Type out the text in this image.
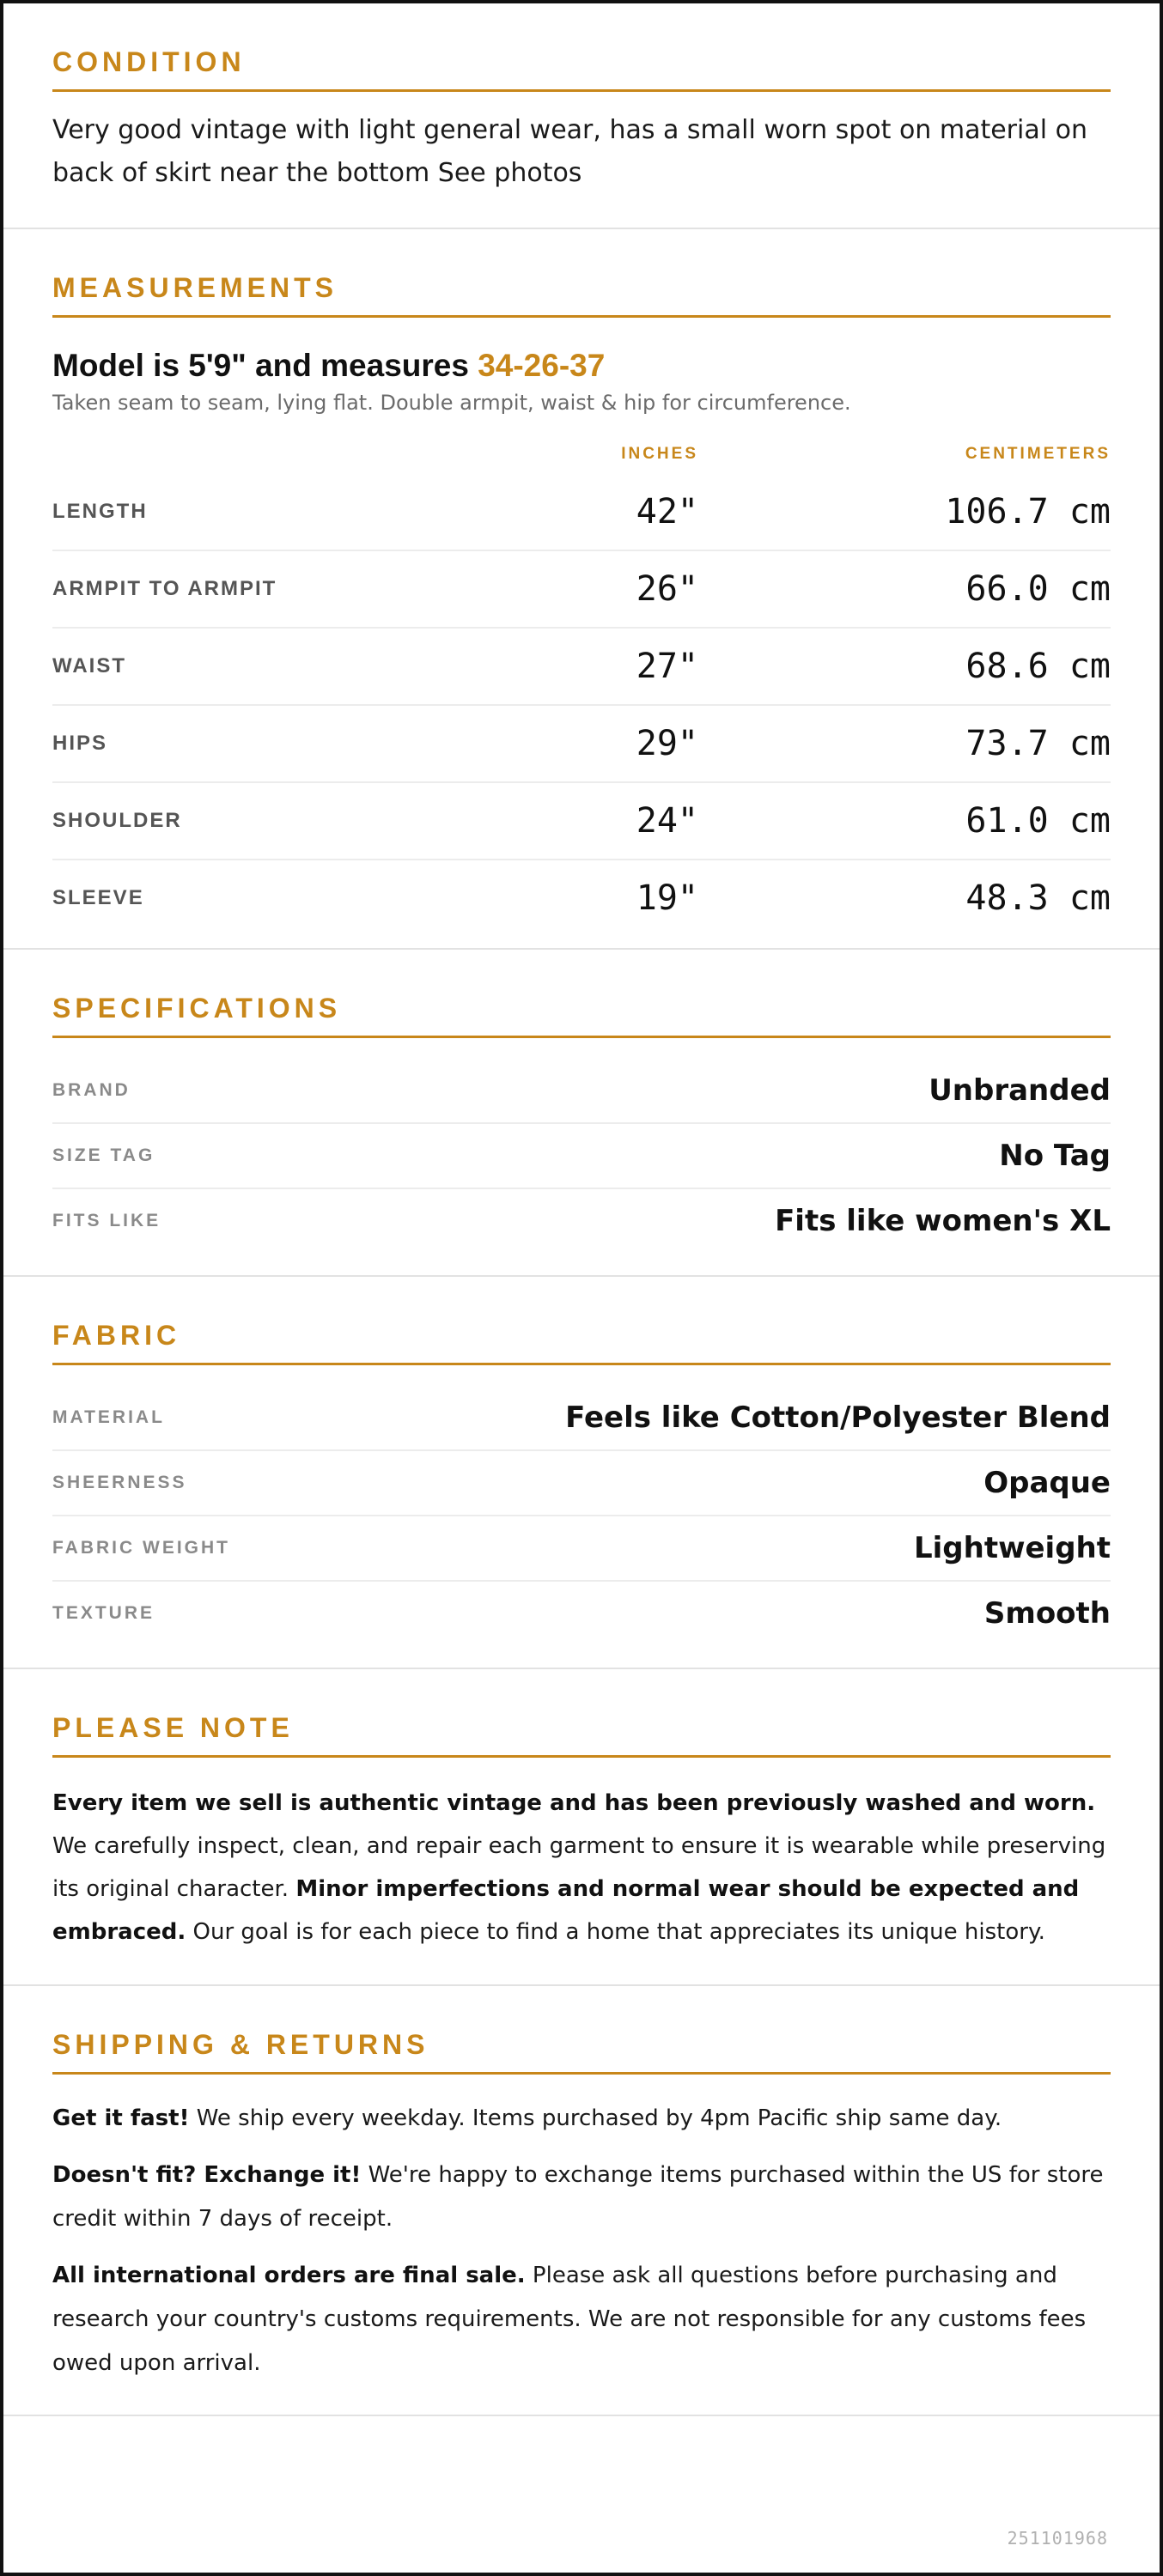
CONDITION
Very good vintage with light general wear, has a small worn spot on material on back of skirt near the bottom See photos
MEASUREMENTS
Model is 5'9" and measures 34-26-37
Taken seam to seam, lying flat. Double armpit, waist & hip for circumference.
INCHES	CENTIMETERS
LENGTH	42"	106.7 cm
ARMPIT TO ARMPIT	26"	66.0 cm
WAIST	27"	68.6 cm
HIPS	29"	73.7 cm
SHOULDER	24"	61.0 cm
SLEEVE	19"	48.3 cm
SPECIFICATIONS
BRAND	Unbranded
SIZE TAG	No Tag
FITS LIKE	Fits like women's XL
FABRIC
MATERIAL	Feels like Cotton/Polyester Blend
SHEERNESS	Opaque
FABRIC WEIGHT	Lightweight
TEXTURE	Smooth
PLEASE NOTE
Every item we sell is authentic vintage and has been previously washed and worn. We carefully inspect, clean, and repair each garment to ensure it is wearable while preserving its original character. Minor imperfections and normal wear should be expected and embraced. Our goal is for each piece to find a home that appreciates its unique history.
SHIPPING & RETURNS

Get it fast! We ship every weekday. Items purchased by 4pm Pacific ship same day.

Doesn't fit? Exchange it! We're happy to exchange items purchased within the US for store credit within 7 days of receipt.

All international orders are final sale. Please ask all questions before purchasing and research your country's customs requirements. We are not responsible for any customs fees owed upon arrival.

251101968
